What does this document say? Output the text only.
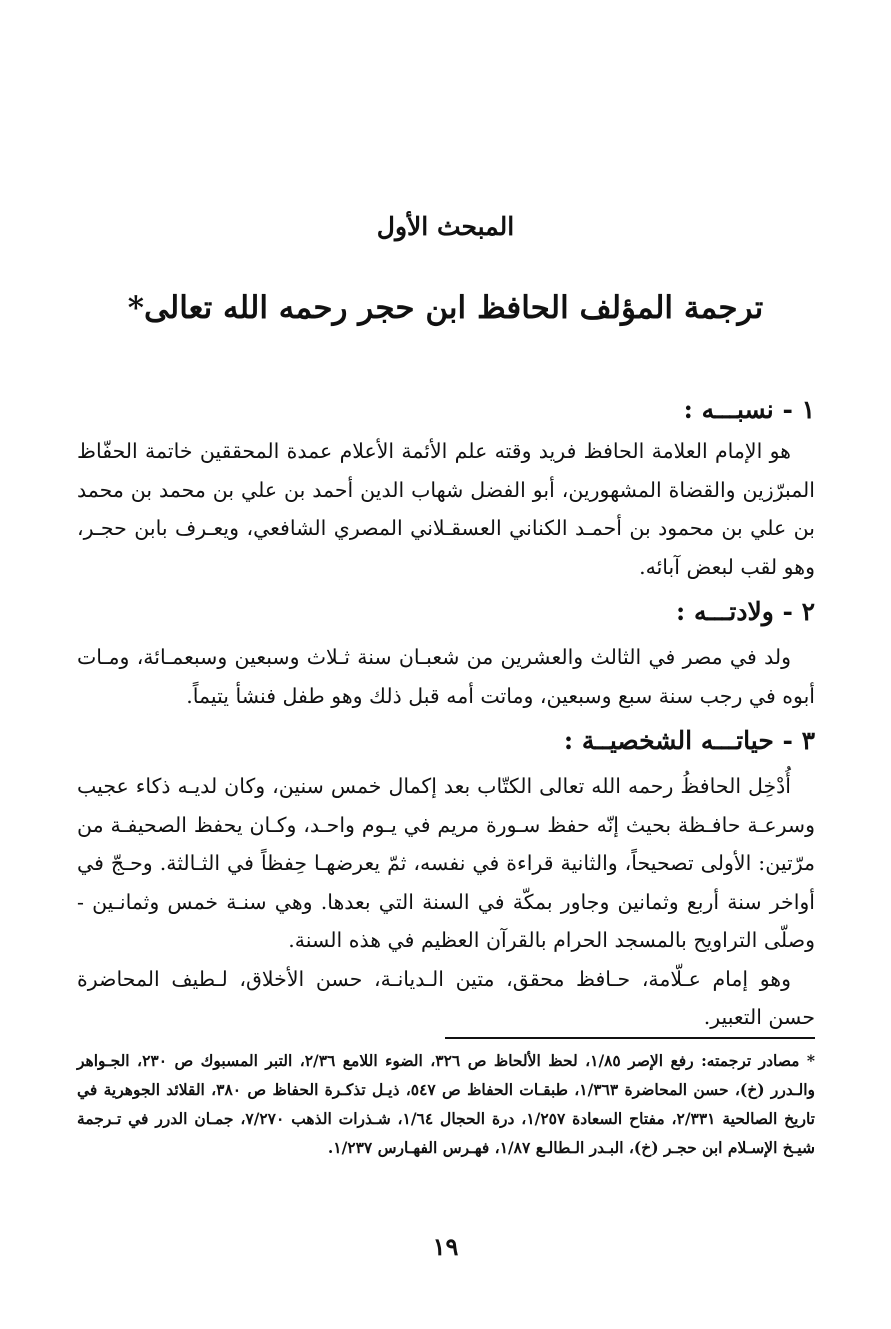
المبحث الأول
ترجمة المؤلف الحافظ ابن حجر رحمه الله تعالى*
١ - نسبـــه :

هو الإمام العلامة الحافظ فريد وقته علم الأئمة الأعلام عمدة المحققين خاتمة الحفّاظ المبرّزين والقضاة المشهورين، أبو الفضل شهاب الدين أحمد بن علي بن محمد بن محمد بن علي بن محمود بن أحمـد الكناني العسقـلاني المصري الشافعي، ويعـرف بابن حجـر، وهو لقب لبعض آبائه.

٢ - ولادتـــه :

ولد في مصر في الثالث والعشرين من شعبـان سنة ثـلاث وسبعين وسبعمـائة، ومـات أبوه في رجب سنة سبع وسبعين، وماتت أمه قبل ذلك وهو طفل فنشأ يتيماً.

٣ - حياتـــه الشخصيــة :

أُدْخِل الحافظُ رحمه الله تعالى الكتّاب بعد إكمال خمس سنين، وكان لديـه ذكاء عجيب وسرعـة حافـظة بحيث إنّه حفظ سـورة مريم في يـوم واحـد، وكـان يحفظ الصحيفـة من مرّتين: الأولى تصحيحاً، والثانية قراءة في نفسه، ثمّ يعرضهـا حِفظاً في الثـالثة. وحـجّ في أواخر سنة أربع وثمانين وجاور بمكّة في السنة التي بعدها. وهي سنـة خمس وثمانـين - وصلّى التراويح بالمسجد الحرام بالقرآن العظيم في هذه السنة.

وهو إمام عـلّامة، حـافظ محقق، متين الـديانـة، حسن الأخلاق، لـطيف المحاضرة حسن التعبير.

* مصادر ترجمته: رفع الإصر ١/٨٥، لحظ الألحاظ ص ٣٢٦، الضوء اللامع ٢/٣٦، التبر المسبوك ص ٢٣٠، الجـواهر والـدرر (خ)، حسن المحاضرة ١/٣٦٣، طبقـات الحفاظ ص ٥٤٧، ذيـل تذكـرة الحفاظ ص ٣٨٠، القلائد الجوهرية في تاريخ الصالحية ٢/٣٣١، مفتاح السعادة ١/٢٥٧، درة الحجال ١/٦٤، شـذرات الذهب ٧/٢٧٠، جمـان الدرر في تـرجمة شيـخ الإسـلام ابن حجـر (خ)، البـدر الـطالـع ١/٨٧، فهـرس الفهـارس ١/٢٣٧.

١٩
